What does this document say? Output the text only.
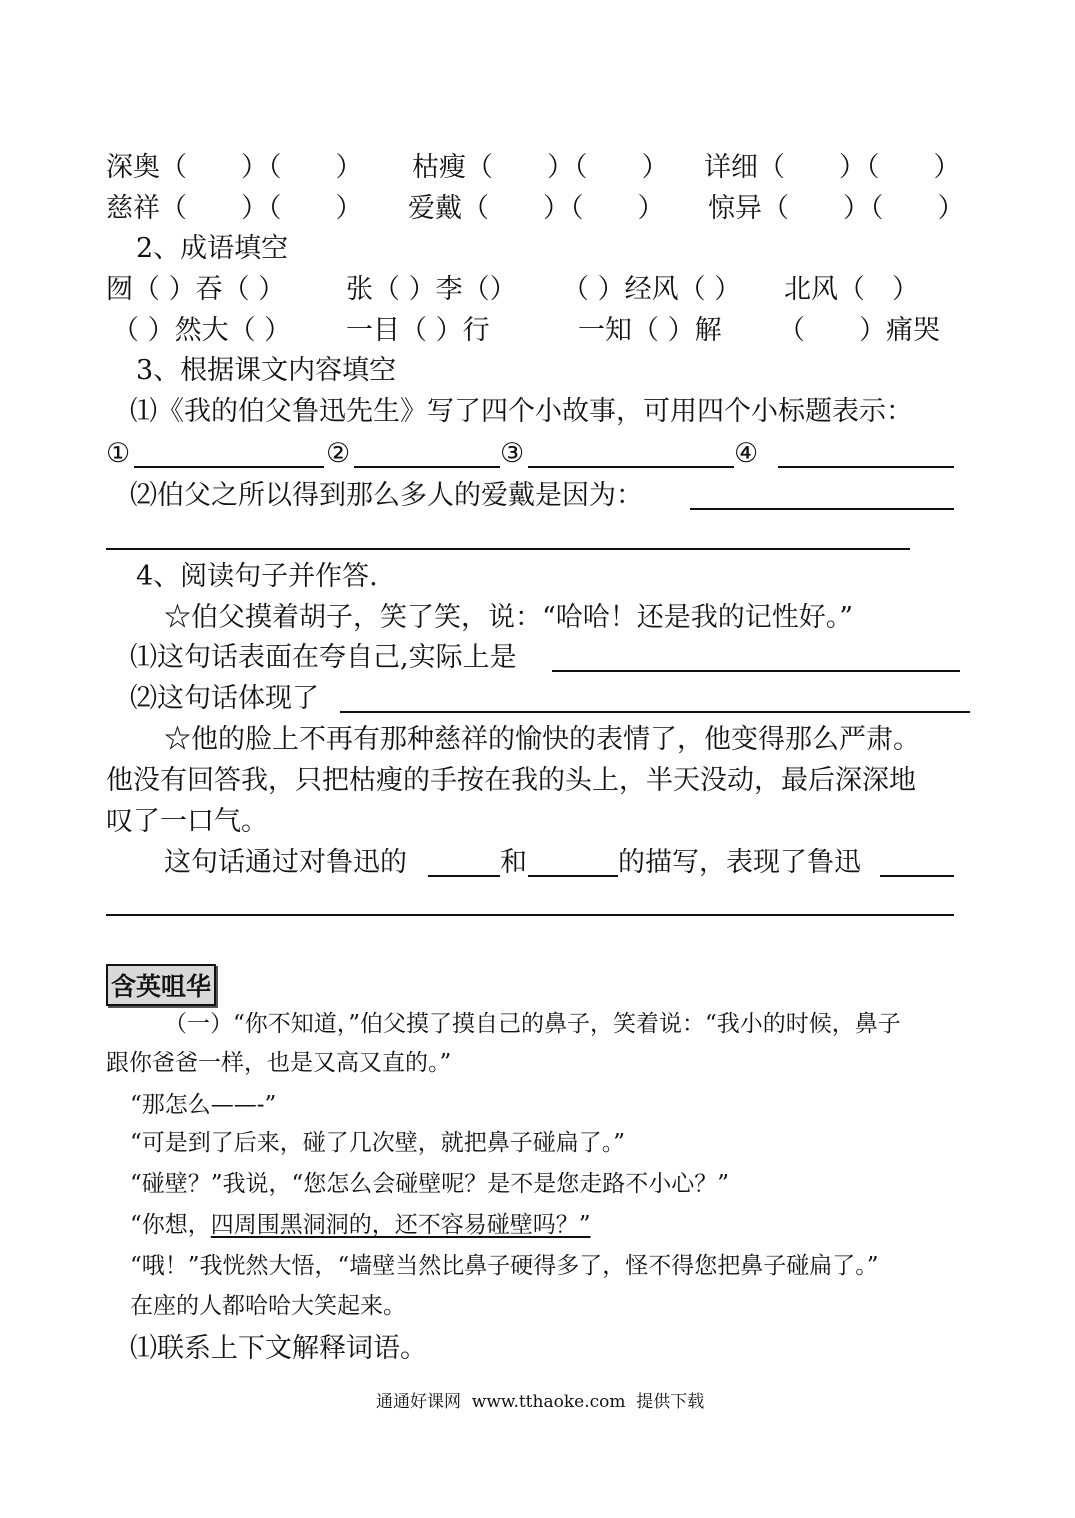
深奥（　　）（　　） 枯瘦（　　）（　　） 详细（　　）（　　）
慈祥（　　）（　　） 爱戴（　　）（　　） 惊异（　　）（　　）
2、成语填空
囫（ ）吞（ ） 张（ ）李（） （ ）经风（ ） 北风（　）
（ ）然大（ ） 一目（ ）行	一知（ ）解 （　　）痛哭
3、根据课文内容填空
⑴《我的伯父鲁迅先生》写了四个小故事，可用四个小标题表示：
①	②	③	④
⑵伯父之所以得到那么多人的爱戴是因为：
4、阅读句子并作答.
☆伯父摸着胡子，笑了笑，说：“哈哈！还是我的记性好。”
⑴这句话表面在夸自己,实际上是
⑵这句话体现了
☆他的脸上不再有那种慈祥的愉快的表情了，他变得那么严肃。
他没有回答我，只把枯瘦的手按在我的头上，半天没动，最后深深地
叹了一口气。
这句话通过对鲁迅的	和	的描写，表现了鲁迅
含英咀华
（一）“你不知道，”伯父摸了摸自己的鼻子，笑着说：“我小的时候，鼻子
跟你爸爸一样，也是又高又直的。”
“那怎么——-”
“可是到了后来，碰了几次壁，就把鼻子碰扁了。”
“碰壁？”我说，“您怎么会碰壁呢？是不是您走路不小心？”
“你想，四周围黑洞洞的，还不容易碰壁吗？”
“哦！”我恍然大悟，“墙壁当然比鼻子硬得多了，怪不得您把鼻子碰扁了。”
在座的人都哈哈大笑起来。
⑴联系上下文解释词语。
通通好课网  www.tthaoke.com  提供下载
